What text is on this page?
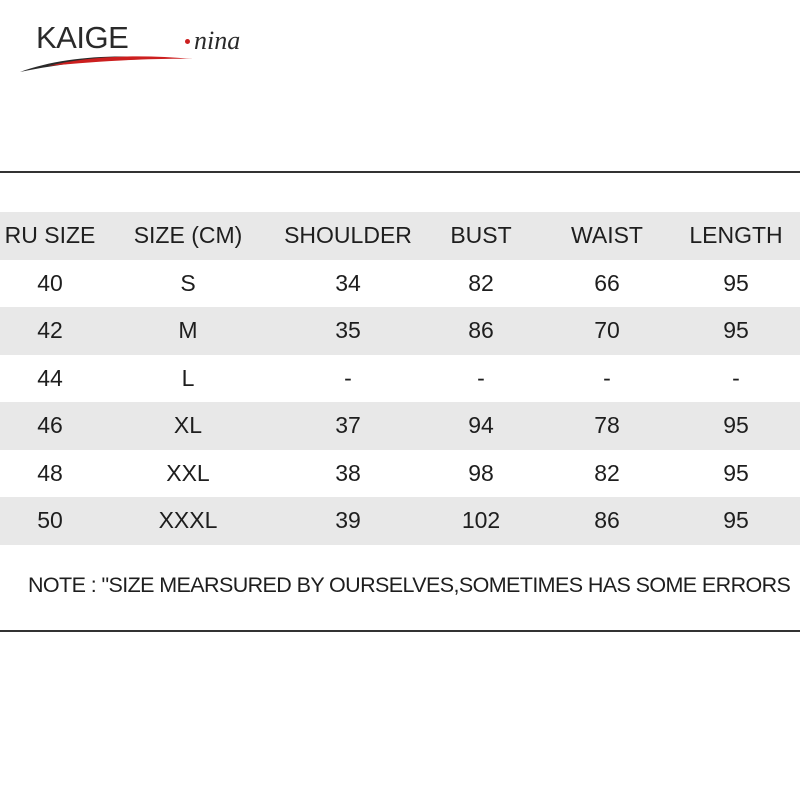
KAIGE	nina
RU SIZE	SIZE (CM)	SHOULDER	BUST	WAIST	LENGTH
40	S	34	82	66	95
42	M	35	86	70	95
44	L	-	-	-	-
46	XL	37	94	78	95
48	XXL	38	98	82	95
50	XXXL	39	102	86	95
NOTE : "SIZE MEARSURED BY OURSELVES,SOMETIMES HAS SOME ERRORS
